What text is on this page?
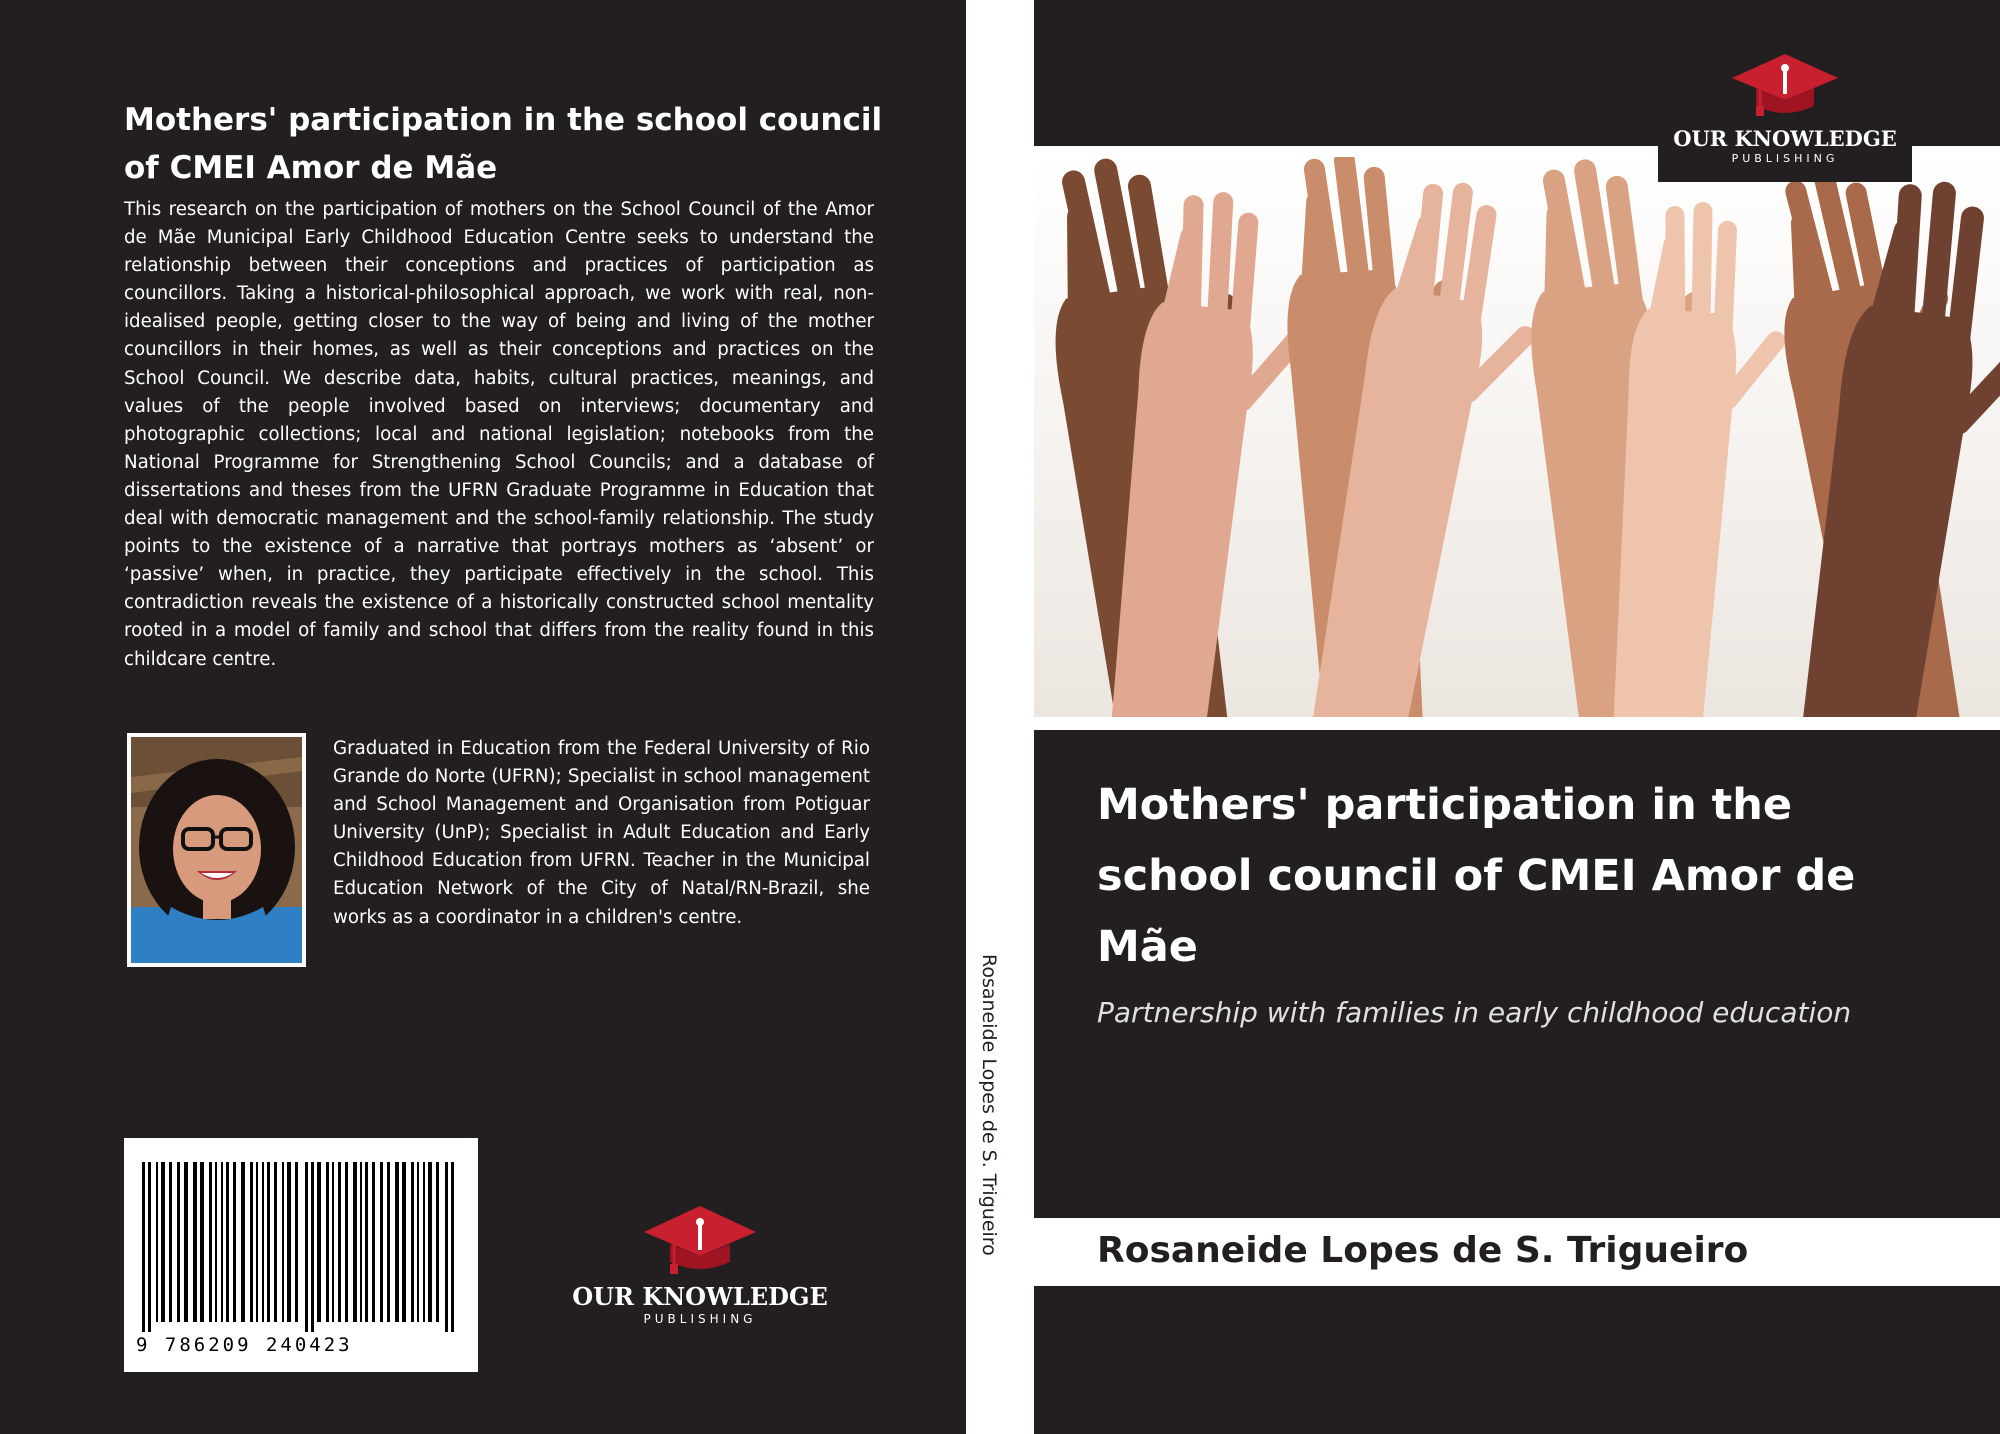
Mothers' participation in the school council of CMEI Amor de Mãe
This research on the participation of mothers on the School Council of the Amor de Mãe Municipal Early Childhood Education Centre seeks to understand the relationship between their conceptions and practices of participation as councillors. Taking a historical-philosophical approach, we work with real, non-idealised people, getting closer to the way of being and living of the mother councillors in their homes, as well as their conceptions and practices on the School Council. We describe data, habits, cultural practices, meanings, and values of the people involved based on interviews; documentary and photographic collections; local and national legislation; notebooks from the National Programme for Strengthening School Councils; and a database of dissertations and theses from the UFRN Graduate Programme in Education that deal with democratic management and the school-family relationship. The study points to the existence of a narrative that portrays mothers as ‘absent’ or ‘passive’ when, in practice, they participate effectively in the school. This contradiction reveals the existence of a historically constructed school mentality rooted in a model of family and school that differs from the reality found in this childcare centre.
Graduated in Education from the Federal University of Rio Grande do Norte (UFRN); Specialist in school management and School Management and Organisation from Potiguar University (UnP); Specialist in Adult Education and Early Childhood Education from UFRN. Teacher in the Municipal Education Network of the City of Natal/RN-Brazil, she works as a coordinator in a children's centre.
9 786209 240423
OUR KNOWLEDGE
PUBLISHING
Rosaneide Lopes de S. Trigueiro
OUR KNOWLEDGE
PUBLISHING
Mothers' participation in the school council of CMEI Amor de Mãe
Partnership with families in early childhood education
Rosaneide Lopes de S. Trigueiro
